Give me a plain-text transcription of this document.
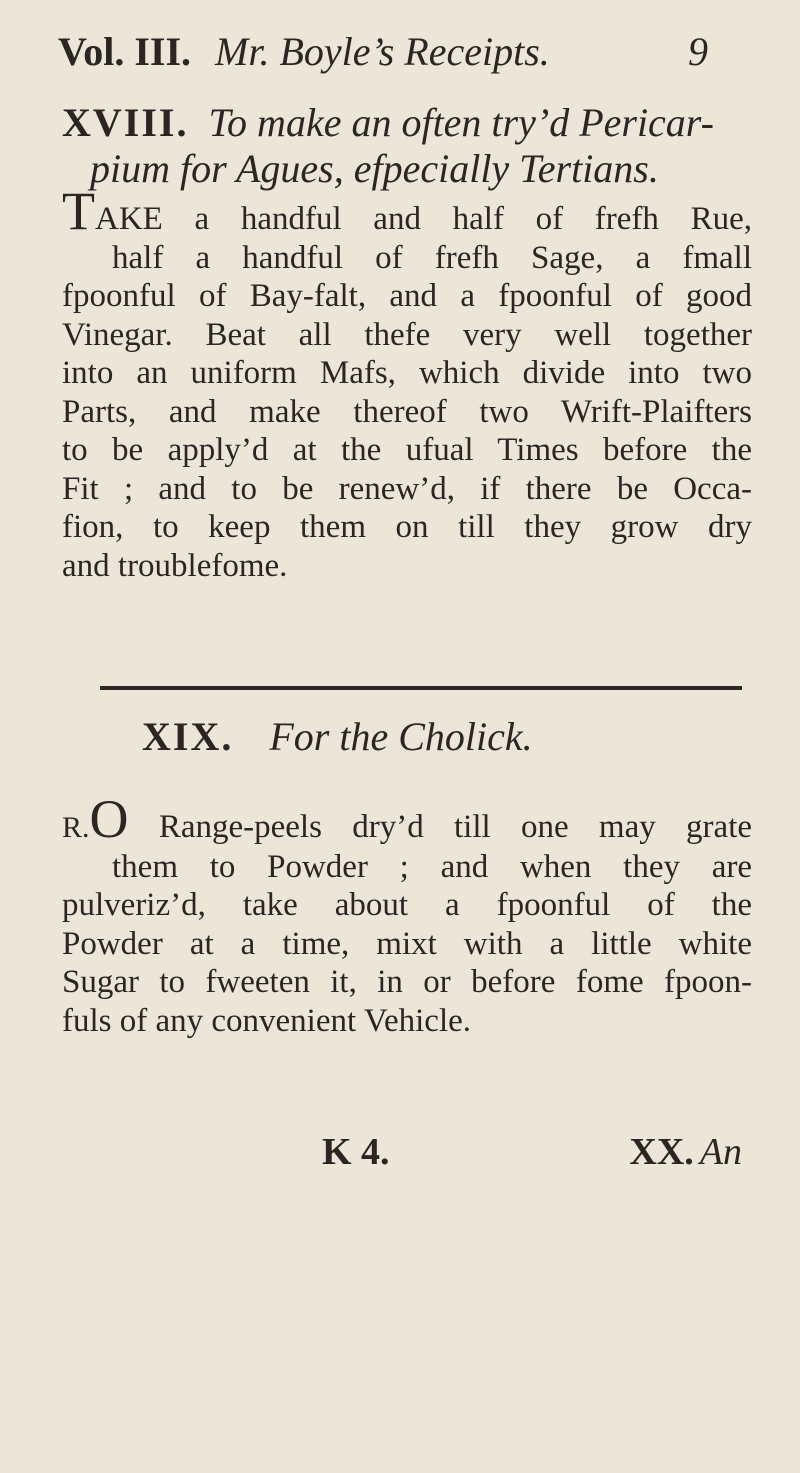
Vol. III. Mr. Boyle’s Receipts.	9
XVIII. To make an often try’d Pericar-
pium for Agues, efpecially Tertians.
TAKE a handful and half of frefh Rue,
half a handful of frefh Sage, a fmall
fpoonful of Bay-falt, and a fpoonful of good
Vinegar. Beat all thefe very well together
into an uniform Mafs, which divide into two
Parts, and make thereof two Wrift-Plaifters
to be apply’d at the ufual Times before the
Fit ; and to be renew’d, if there be Occa-
fion, to keep them on till they grow dry
and troublefome.
XIX. For the Cholick.
R.O Range-peels dry’d till one may grate
them to Powder ; and when they are
pulveriz’d, take about a fpoonful of the
Powder at a time, mixt with a little white
Sugar to fweeten it, in or before fome fpoon-
fuls of any convenient Vehicle.
K 4.	XX. An
